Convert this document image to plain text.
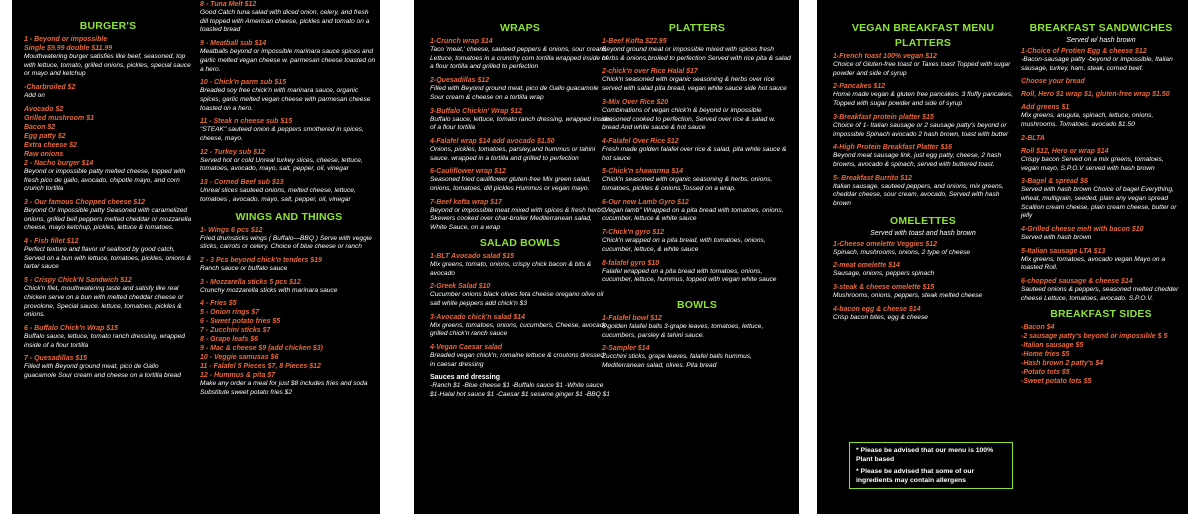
BURGER'S
1 - Beyond or impossible
Single $9.99 double $11.99
Mouthwatering burger satisfies like beef, seasoned, top with lettuce, tomato, grilled onions, pickles, special sauce or mayo and ketchup
-Charbroiled $2
Add on
Avocado $2
Grilled mushroom $1
Bacon $2
Egg patty $2
Extra cheese $2
Raw onions
2 - Nacho burger $14
Beyond or impossible patty melted cheese, topped with fresh pico de gallo, avocado, chipotle mayo, and corn crunch tortilla
3 - Our famous Chopped cheese $12
Beyond Or impossible patty Seasoned with caramelized onions, grilled bell peppers melted cheddar or mozzarella cheese, mayo ketchup, pickles, lettuce & tomatoes.
4 - Fish fillet $12
Perfect texture and flavor of seafood by good catch, Served on a bun with lettuce, tomatoes, pickles, onions & tartar sauce
5 - Crispy Chick'N Sandwich $12
Chick'n filet, mouthwatering taste and satisfy like real chicken serve on a bun with melted cheddar cheese or provolone, Special sauce. lettuce, tomatoes, pickles & onions.
6 - Buffalo Chick'n Wrap $15
Buffalo sauce, lettuce, tomato ranch dressing, wrapped inside of a flour tortilla
7 - Quesadillas $15
Filled with Beyond ground meat, pico de Gallo guacamole Sour cream and cheese on a tortilla bread
8 - Tuna Melt $12
Good Catch tuna salad with diced onion, celery, and fresh dill topped with American cheese, pickles and tomato on a toasted bread
9 - Meatball sub $14
Meatballs beyond or impossible marinara sauce spices and garlic melted vegan cheese w. parmesan cheese toasted on a hero.
10 - Chick'n parm sub $15
Breaded soy free chick'n with marinara sauce, organic spices, garlic melted vegan cheese with parmesan cheese toasted on a hero.
11 - Steak n cheese sub $15
"STEAK" sauteed onion & peppers smothered in spices, cheese, mayo.
12 - Turkey sub $12
Served hot or cold Unreal turkey slices, cheese, lettuce, tomatoes, avocado, mayo, salt, pepper, oil, vinegar
13 - Corned Beef sub $13
Unreal slices sauteed onions, melted cheese, lettuce, tomatoes , avocado, mayo, salt, pepper, oil, vinegar
WINGS AND THINGS
1- Wings 6 pcs $12
Fried drumsticks wings ( Buffalo—BBQ ) Serve with veggie sticks, carrots or celery. Choice of blue cheese or ranch
2 - 3 Pcs beyond chick'n tenders $19
Ranch sauce or buffalo sauce
3 - Mozzarella sticks 5 pcs $12
Crunchy mozzarella sticks with marinara sauce
4 - Fries $5
5 - Onion rings $7
6 - Sweet potato fries $5
7 - Zucchini sticks $7
8 - Grape leafs $6
9 - Mac & cheese $9 (add chicken $3)
10 - Veggie samusas $6
11 - Falafel 5 Pieces $7, 8 Pieces $12
12 - Hummus & pita $7
Make any order a meal for just $8 includes fries and soda Substitute sweet potato fries $2
WRAPS
1-Crunch wrap $14
Taco 'meat,' cheese, sauteed peppers & onions, sour cream, Lettuce, tomatoes in a crunchy corn tortilla wrapped inside of a flour tortilla and grilled to perfection
2-Quesadillas $12
Filled with Beyond ground meat, pico de Gallo guacamole Sour cream & cheese on a tortilla wrap
3-Buffalo Chickin' Wrap $12
Buffalo sauce, lettuce, tomato ranch dressing, wrapped inside of a flour tortilla
4-Falafel wrap $14 add avocado $1.50
Onions, pickles, tomatoes, parsley,and hummus or tahini sauce. wrapped in a tortilla and grilled to perfection
6-Cauliflower wrap $12
Seasoned fried cauliflower gluten-free Mix green salad, onions, tomatoes, dill pickles Hummus or vegan mayo.
7-Beef kofta wrap $17
Beyond or impossible meat mixed with spices & fresh herbs, Skewers cooked over char-broiler Mediterranean salad, White Sauce, on a wrap
SALAD BOWLS
1-BLT Avocado salad $15
Mix greens, tomato, onions, crispy chick bacon & bits & avocado
2-Greek Salad $10
Cucumber onions black olives feta cheese oregano olive oil salt white peppers add chick'n $3
3-Avocado chick'n salad $14
Mix greens, tomatoes, onions, cucumbers, Cheese, avocado, grilled chick'n ranch sauce
4-Vegan Caesar salad
Breaded vegan chick'n, romaine lettuce & croutons dressed in caesar dressing
Sauces and dressing
-Ranch $1 -Blue cheese $1 -Buffalo sauce $1 -White sauce $1-Halal hot sauce $1 -Caesar $1 sesame ginger $1 -BBQ $1
PLATTERS
1-Beef Kofta $22.95
Beyond ground meat or impossible mixed with spices fresh herbs & onions,broiled to perfection Served with rice pita & salad
2-chick'n over Rice Halal $17
Chick'n seasoned with organic seasoning & herbs over rice served with salad pita bread, vegan white sauce side hot sauce
3-Mix Over Rice $20
Combinations of vegan chick'n & beyond or impossible seasoned cooked to perfection, Served over rice & salad w. bread And white sauce & hot sauce
4-Falafel Over Rice $12
Fresh made golden falafel over rice & salad, pita white sauce & hot sauce
5-Chick'n shawarma $14
Chick'n seasoned with organic seasoning & herbs, onions, tomatoes, pickles & onions.Tossed on a wrap.
6-Our new Lamb Gyro $12
"Vegan lamb" Wrapped on a pita bread with tomatoes, onions, cucumber, lettuce & white sauce
7-Chick'n gyro $12
Chick'n wrapped on a pita bread, with tomatoes, onions, cucumber, lettuce, & white sauce
8-falafel gyro $10
Falafel wrapped on a pita bread with tomatoes, onions, cucumber, lettuce, hummus, topped with vegan white sauce
BOWLS
1-Falafel bowl $12
6 golden falafel balls 3-grape leaves, tomatoes, lettuce, cucumbers, parsley & tahini sauce.
2-Sampler $14
Zucchini sticks, grape leaves, falafel balls hummus, Mediterranean salad, olives. Pita bread
VEGAN BREAKFAST MENU
PLATTERS
1-French toast 100% vegan $12
Choice of Gluten-free toast or Taxes toast Topped with sugar powder and side of syrup
2-Pancakes $12
Home made vegan & gluten free pancakes. 3 fluffy pancakes, Topped with sugar powder and side of syrup
3-Breakfast protein platter $15
Choice of 1- Italian sausage or 2 sausage patty's beyond or impossible Spinach avocado 2 hash brown, toast with butter
4-High Protein Breakfast Platter $16
Beyond meat sausage link, just egg patty, cheese, 2 hash browns, avocado & spinach, served with buttered toast.
5- Breakfast Burrito $12
Italian sausage, sauteed peppers, and onions, mix greens, cheddar cheese, sour cream, avocado, Served with hash brown
OMELETTES
Served with toast and hash brown
1-Cheese omelette Veggies $12
Spinach, mushrooms, onions, 2 type of cheese
2-meat omelette $14
Sausage, onions, peppers spinach
3-steak & cheese omelette $15
Mushrooms, onions, peppers, steak melted cheese
4-bacon egg & cheese $14
Crisp bacon bites, egg & cheese
* Please be advised that our menu is 100% Plant based
* Please be advised that some of our ingredients may contain allergens
BREAKFAST SANDWICHES
Served w/ hash brown
1-Choice of Protien Egg & cheese $12
-Bacon-sausage patty -beyond or impossible, Italian sausage, turkey, ham, steak, corned beef.
Choose your bread
Roll, Hero $1 wrap $1, gluten-free wrap $1.50
Add greens $1
Mix greens, arugula, spinach, lettuce, onions, mushrooms. Tomatoes. avocado $1.50
2-BLTA
Roll $12, Hero or wrap $14
Crispy bacon Served on a mix greens, tomatoes, vegan mayo, S.P.O.V served with hash brown
3-Bagel & spread $6
Served with hash brown Choice of bagel Everything, wheat, multigrain, seeded, plain any vegan spread Scallion cream cheese, plain cream cheese, butter or jelly
4-Grilled cheese melt with bacon $10
Served with hash brown
5-Italian sausage LTA $13
Mix greens, tomatoes, avocado vegan Mayo on a toasted Roll.
6-chopped sausage & cheese $14
Sauteed onions & peppers, seasoned melted chedder cheese Lettuce, tomatoes, avocado. S.P.O.V.
BREAKFAST SIDES
-Bacon $4
-2 sausage patty's beyond or impossible $ 5
-Italian sausage $5
-Home fries $5
-Hash brown 2 patty's $4
-Potato tots $5
-Sweet potato tots $5
